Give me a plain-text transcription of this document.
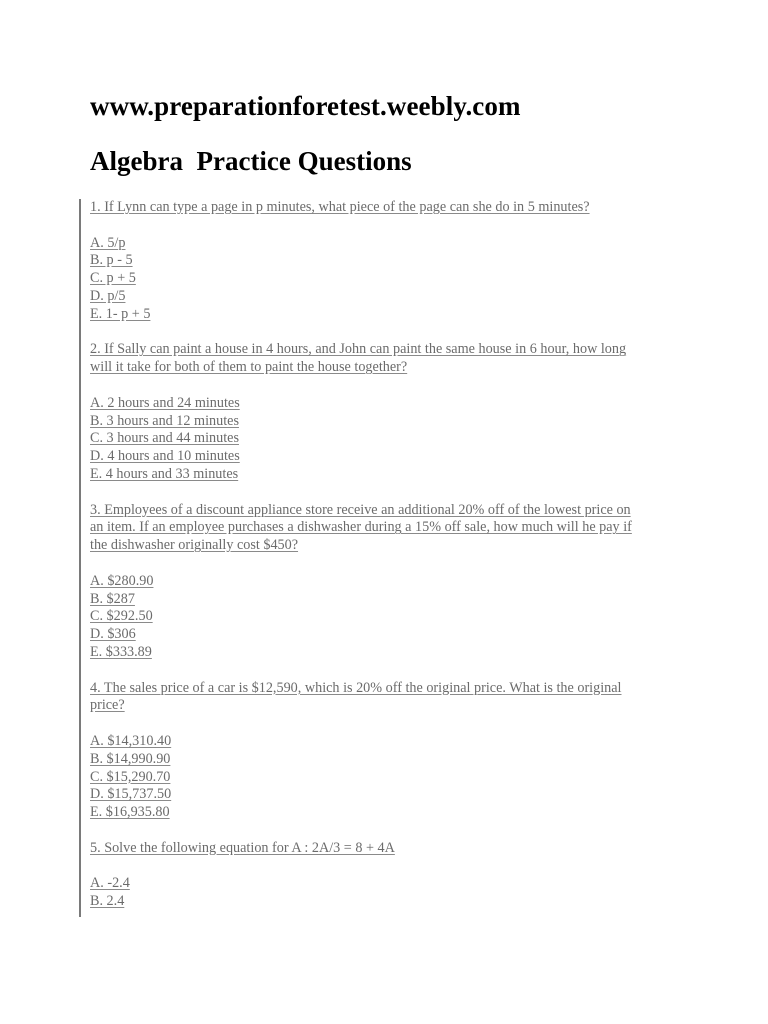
www.preparationforetest.weebly.com
Algebra  Practice Questions
1. If Lynn can type a page in p minutes, what piece of the page can she do in 5 minutes?
A. 5/p
B. p - 5
C. p + 5
D. p/5
E. 1- p + 5
2. If Sally can paint a house in 4 hours, and John can paint the same house in 6 hour, how long
will it take for both of them to paint the house together?
A. 2 hours and 24 minutes
B. 3 hours and 12 minutes
C. 3 hours and 44 minutes
D. 4 hours and 10 minutes
E. 4 hours and 33 minutes
3. Employees of a discount appliance store receive an additional 20% off of the lowest price on
an item. If an employee purchases a dishwasher during a 15% off sale, how much will he pay if
the dishwasher originally cost $450?
A. $280.90
B. $287
C. $292.50
D. $306
E. $333.89
4. The sales price of a car is $12,590, which is 20% off the original price. What is the original
price?
A. $14,310.40
B. $14,990.90
C. $15,290.70
D. $15,737.50
E. $16,935.80
5. Solve the following equation for A : 2A/3 = 8 + 4A
A. -2.4
B. 2.4
